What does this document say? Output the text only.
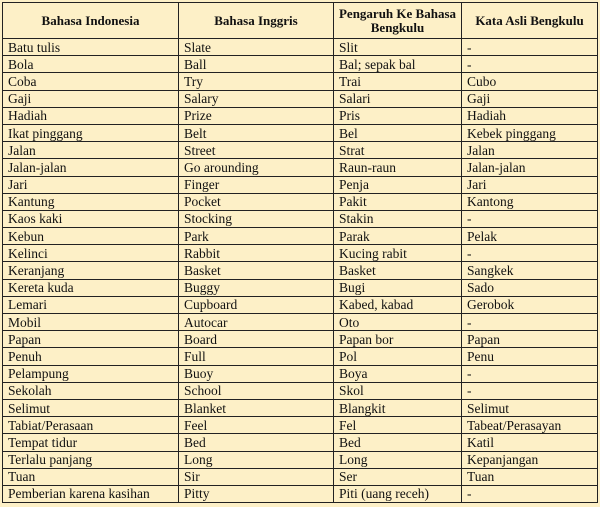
Bahasa Indonesia	Bahasa Inggris	Pengaruh Ke Bahasa Bengkulu	Kata Asli Bengkulu
Batu tulis	Slate	Slit	-
Bola	Ball	Bal; sepak bal	-
Coba	Try	Trai	Cubo
Gaji	Salary	Salari	Gaji
Hadiah	Prize	Pris	Hadiah
Ikat pinggang	Belt	Bel	Kebek pinggang
Jalan	Street	Strat	Jalan
Jalan-jalan	Go arounding	Raun-raun	Jalan-jalan
Jari	Finger	Penja	Jari
Kantung	Pocket	Pakit	Kantong
Kaos kaki	Stocking	Stakin	-
Kebun	Park	Parak	Pelak
Kelinci	Rabbit	Kucing rabit	-
Keranjang	Basket	Basket	Sangkek
Kereta kuda	Buggy	Bugi	Sado
Lemari	Cupboard	Kabed, kabad	Gerobok
Mobil	Autocar	Oto	-
Papan	Board	Papan bor	Papan
Penuh	Full	Pol	Penu
Pelampung	Buoy	Boya	-
Sekolah	School	Skol	-
Selimut	Blanket	Blangkit	Selimut
Tabiat/Perasaan	Feel	Fel	Tabeat/Perasayan
Tempat tidur	Bed	Bed	Katil
Terlalu panjang	Long	Long	Kepanjangan
Tuan	Sir	Ser	Tuan
Pemberian karena kasihan	Pitty	Piti (uang receh)	-
